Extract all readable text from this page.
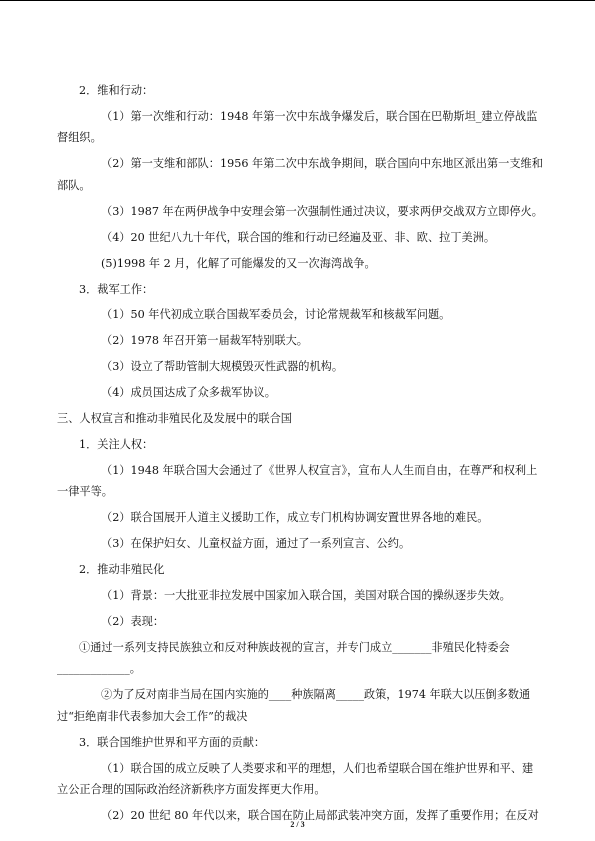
2．维和行动：

（1）第一次维和行动：1948 年第一次中东战争爆发后，联合国在巴勒斯坦_建立停战监督组织。

（2）第一支维和部队：1956 年第二次中东战争期间，联合国向中东地区派出第一支维和部队。

（3）1987 年在两伊战争中安理会第一次强制性通过决议，要求两伊交战双方立即停火。

（4）20 世纪八九十年代，联合国的维和行动已经遍及亚、非、欧、拉丁美洲。

(5)1998 年 2 月，化解了可能爆发的又一次海湾战争。

3．裁军工作：

（1）50 年代初成立联合国裁军委员会，讨论常规裁军和核裁军问题。

（2）1978 年召开第一届裁军特别联大。

（3）设立了帮助管制大规模毁灭性武器的机构。

（4）成员国达成了众多裁军协议。

三、人权宣言和推动非殖民化及发展中的联合国

1．关注人权：

（1）1948 年联合国大会通过了《世界人权宣言》，宣布人人生而自由，在尊严和权利上一律平等。

（2）联合国展开人道主义援助工作，成立专门机构协调安置世界各地的难民。

（3）在保护妇女、儿童权益方面，通过了一系列宣言、公约。

2．推动非殖民化

（1）背景：一大批亚非拉发展中国家加入联合国，美国对联合国的操纵逐步失效。

（2）表现：

①通过一系列支持民族独立和反对种族歧视的宣言，并专门成立_______非殖民化特委会_____________。

②为了反对南非当局在国内实施的____种族隔离_____政策，1974 年联大以压倒多数通过“拒绝南非代表参加大会工作”的裁决

3．联合国维护世界和平方面的贡献：

（1）联合国的成立反映了人类要求和平的理想，人们也希望联合国在维护世界和平、建立公正合理的国际政治经济新秩序方面发挥更大作用。

（2）20 世纪 80 年代以来，联合国在防止局部武装冲突方面，发挥了重要作用；在反对

2 / 3
